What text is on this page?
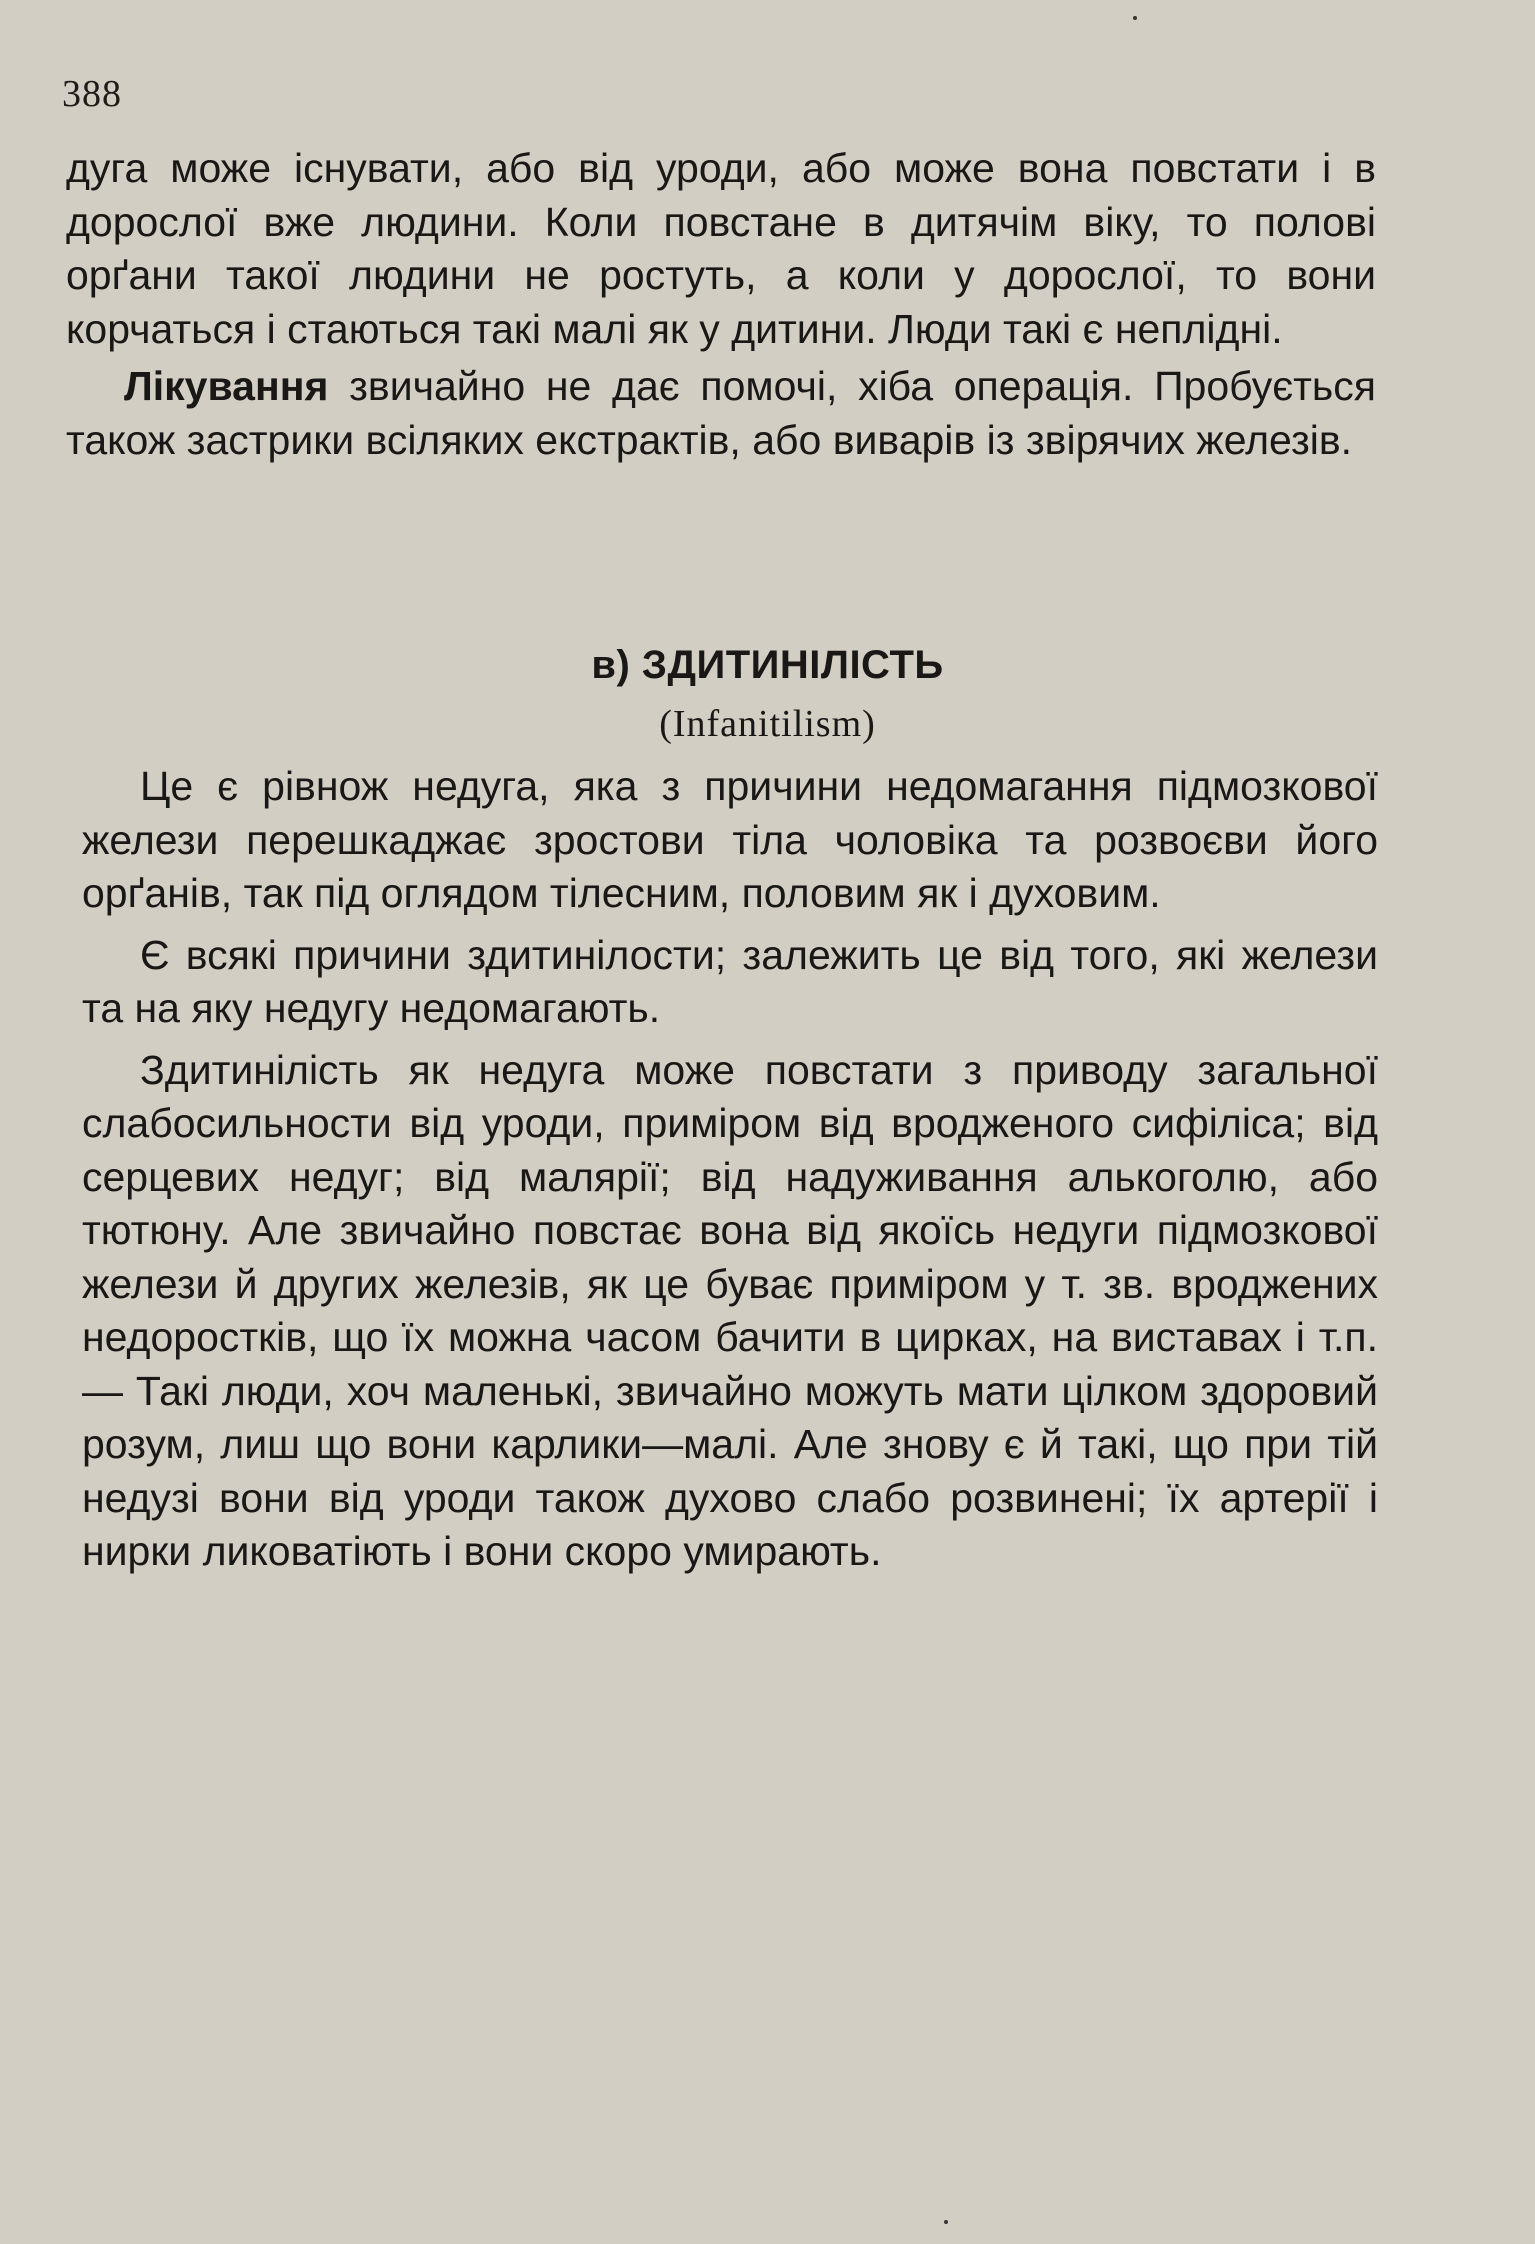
388

дуга може існувати, або від уроди, або може вона повстати і в дорослої вже людини. Коли повстане в дитячім віку, то полові орґани такої людини не ростуть, а коли у дорослої, то вони корчаться і стаються такі малі як у дитини. Люди такі є неплідні.

Лікування звичайно не дає помочі, хіба операція. Пробується також застрики всіляких екстрактів, або виварів із звірячих железів.

в) ЗДИТИНІЛІСТЬ
(Infanitilism)

Це є рівнож недуга, яка з причини недомагання підмозкової желези перешкаджає зростови тіла чоловіка та розвоєви його орґанів, так під оглядом тілесним, половим як і духовим.

Є всякі причини здитинілости; залежить це від того, які желези та на яку недугу недомагають.

Здитинілість як недуга може повстати з приводу загальної слабосильности від уроди, приміром від вродженого сифіліса; від серцевих недуг; від малярії; від надуживання алькоголю, або тютюну. Але звичайно повстає вона від якоїсь недуги підмозкової желези й других железів, як це буває приміром у т. зв. вроджених недоростків, що їх можна часом бачити в цирках, на виставах і т.п.— Такі люди, хоч маленькі, звичайно можуть мати цілком здоровий розум, лиш що вони карлики—малі. Але знову є й такі, що при тій недузі вони від уроди також духово слабо розвинені; їх артерії і нирки ликоватіють і вони скоро умирають.
